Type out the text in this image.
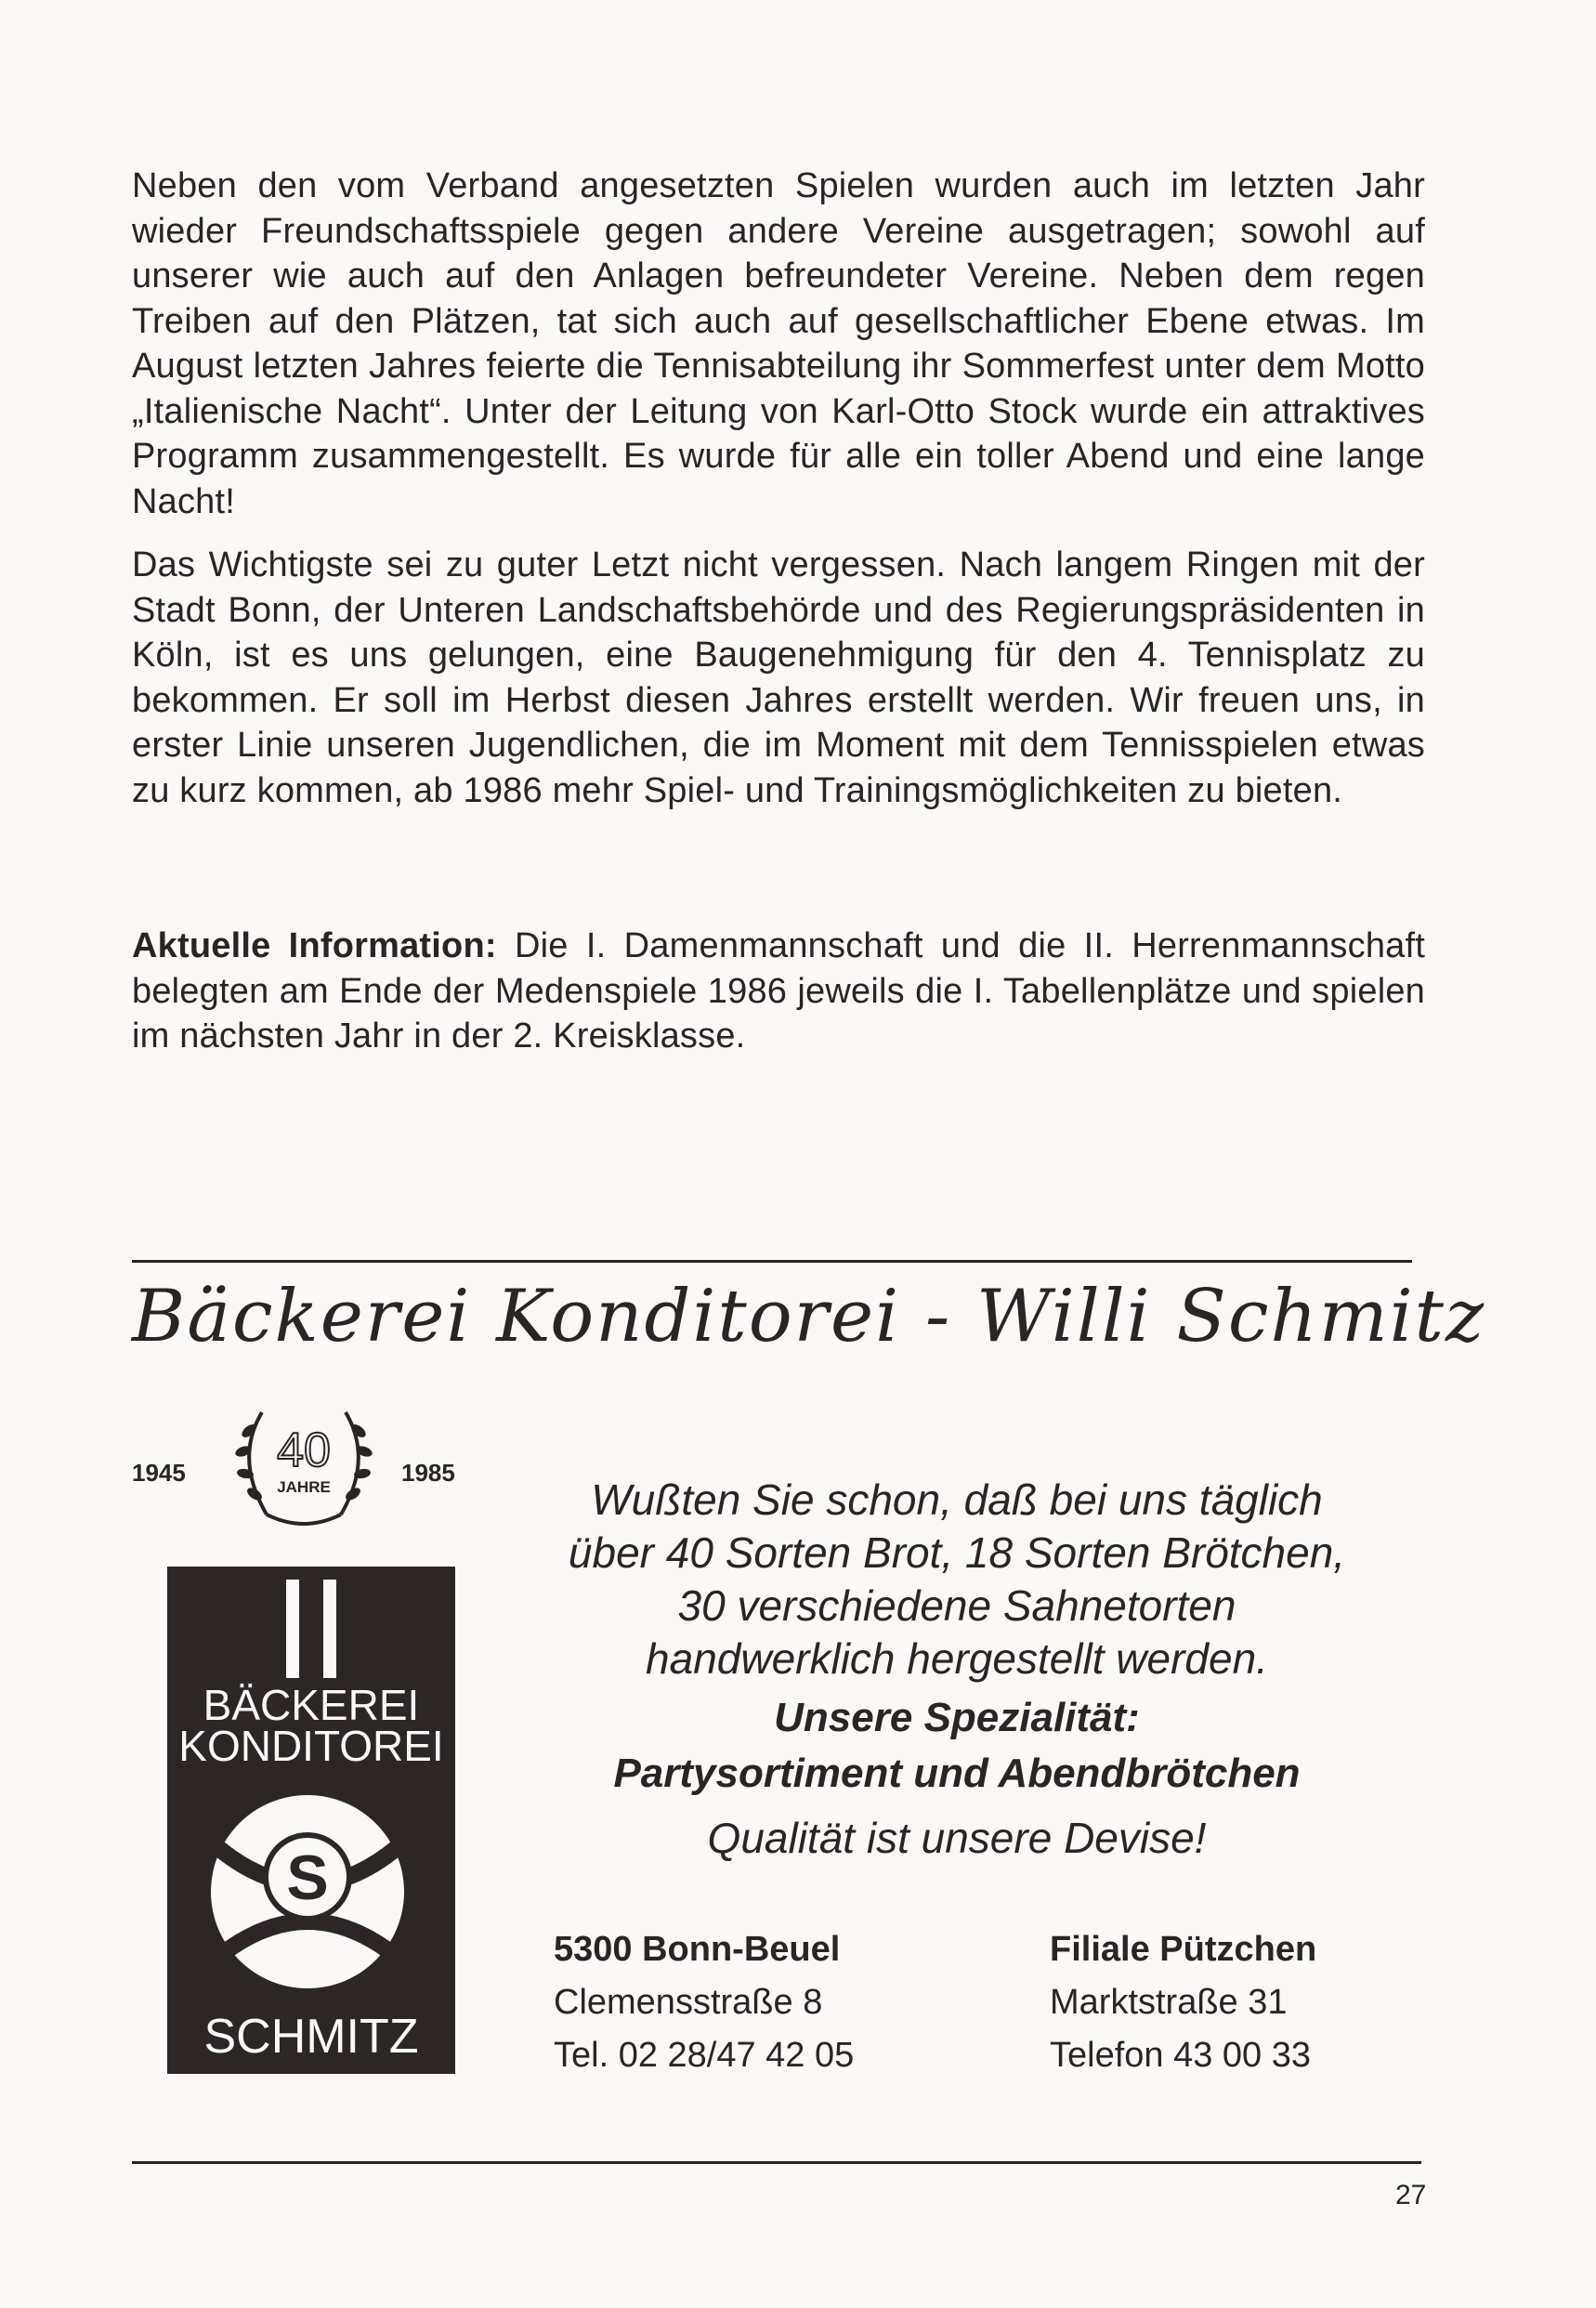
Neben den vom Verband angesetzten Spielen wurden auch im letzten Jahr wieder Freundschaftsspiele gegen andere Vereine ausgetragen; sowohl auf unserer wie auch auf den Anlagen befreundeter Vereine. Neben dem regen Treiben auf den Plätzen, tat sich auch auf gesellschaftlicher Ebene etwas. Im August letzten Jahres feierte die Tennisabteilung ihr Sommerfest unter dem Motto „Italienische Nacht“. Unter der Leitung von Karl-Otto Stock wurde ein attraktives Programm zusammengestellt. Es wurde für alle ein toller Abend und eine lange Nacht!

Das Wichtigste sei zu guter Letzt nicht vergessen. Nach langem Ringen mit der Stadt Bonn, der Unteren Landschaftsbehörde und des Regierungspräsidenten in Köln, ist es uns gelungen, eine Baugenehmigung für den 4. Tennisplatz zu bekommen. Er soll im Herbst diesen Jahres erstellt werden. Wir freuen uns, in erster Linie unseren Jugendlichen, die im Moment mit dem Tennisspielen etwas zu kurz kommen, ab 1986 mehr Spiel- und Trainingsmöglichkeiten zu bieten.

Aktuelle Information: Die I. Damenmannschaft und die II. Herrenmannschaft belegten am Ende der Medenspiele 1986 jeweils die I. Tabellenplätze und spielen im nächsten Jahr in der 2. Kreisklasse.

Bäckerei Konditorei - Willi Schmitz
1945 40
JAHRE
1985
BÄCKEREI
KONDITOREI
S
SCHMITZ

Wußten Sie schon, daß bei uns täglich

über 40 Sorten Brot, 18 Sorten Brötchen,

30 verschiedene Sahnetorten

handwerklich hergestellt werden.

Unsere Spezialität:

Partysortiment und Abendbrötchen

Qualität ist unsere Devise!

5300 Bonn-Beuel
Clemensstraße 8
Tel. 02 28/47 42 05
Filiale Pützchen
Marktstraße 31
Telefon 43 00 33
27
